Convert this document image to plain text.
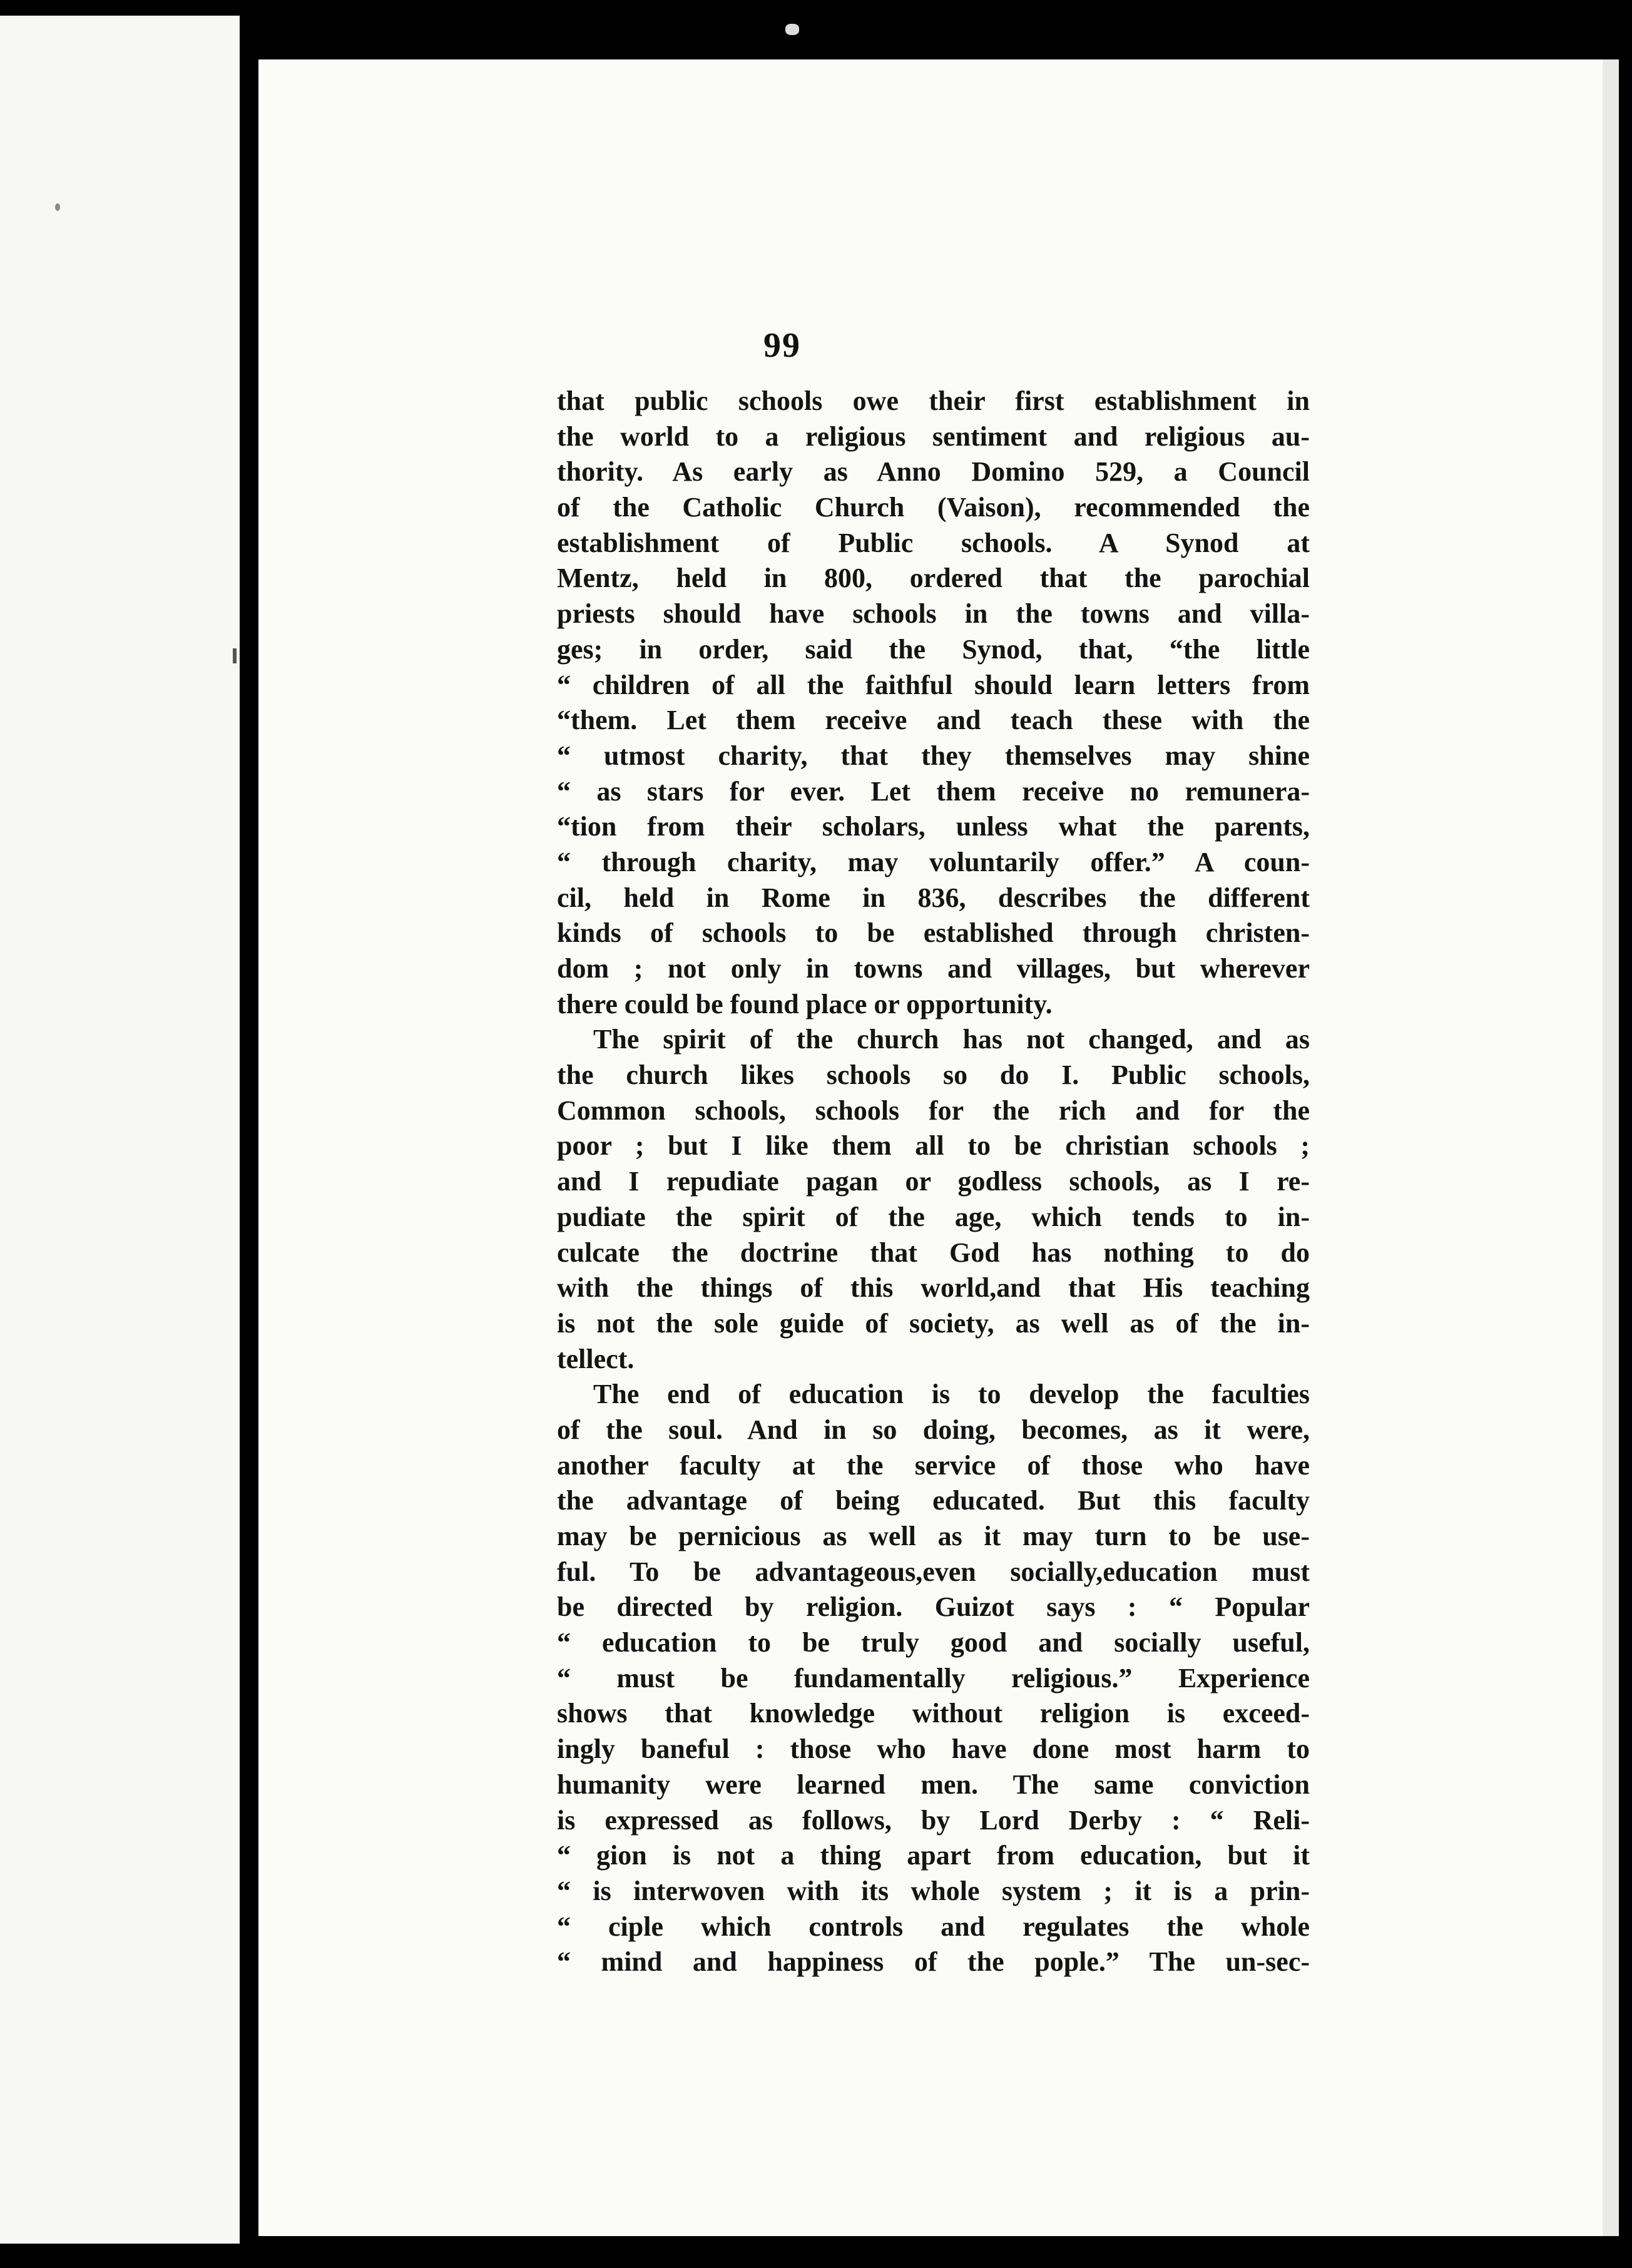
99
that public schools owe their first establishment in
the world to a religious sentiment and religious au-
thority. As early as Anno Domino 529, a Council
of the Catholic Church (Vaison), recommended the
establishment of Public schools. A Synod at
Mentz, held in 800, ordered that the parochial
priests should have schools in the towns and villa-
ges; in order, said the Synod, that, “the little
“ children of all the faithful should learn letters from
“them. Let them receive and teach these with the
“ utmost charity, that they themselves may shine
“ as stars for ever. Let them receive no remunera-
“tion from their scholars, unless what the parents,
“ through charity, may voluntarily offer.” A coun-
cil, held in Rome in 836, describes the different
kinds of schools to be established through christen-
dom ; not only in towns and villages, but wherever
there could be found place or opportunity.
The spirit of the church has not changed, and as
the church likes schools so do I. Public schools,
Common schools, schools for the rich and for the
poor ; but I like them all to be christian schools ;
and I repudiate pagan or godless schools, as I re-
pudiate the spirit of the age, which tends to in-
culcate the doctrine that God has nothing to do
with the things of this world,and that His teaching
is not the sole guide of society, as well as of the in-
tellect.
The end of education is to develop the faculties
of the soul. And in so doing, becomes, as it were,
another faculty at the service of those who have
the advantage of being educated. But this faculty
may be pernicious as well as it may turn to be use-
ful. To be advantageous,even socially,education must
be directed by religion. Guizot says : “ Popular
“ education to be truly good and socially useful,
“ must be fundamentally religious.” Experience
shows that knowledge without religion is exceed-
ingly baneful : those who have done most harm to
humanity were learned men. The same conviction
is expressed as follows, by Lord Derby : “ Reli-
“ gion is not a thing apart from education, but it
“ is interwoven with its whole system ; it is a prin-
“ ciple which controls and regulates the whole
“ mind and happiness of the pople.” The un-sec-
